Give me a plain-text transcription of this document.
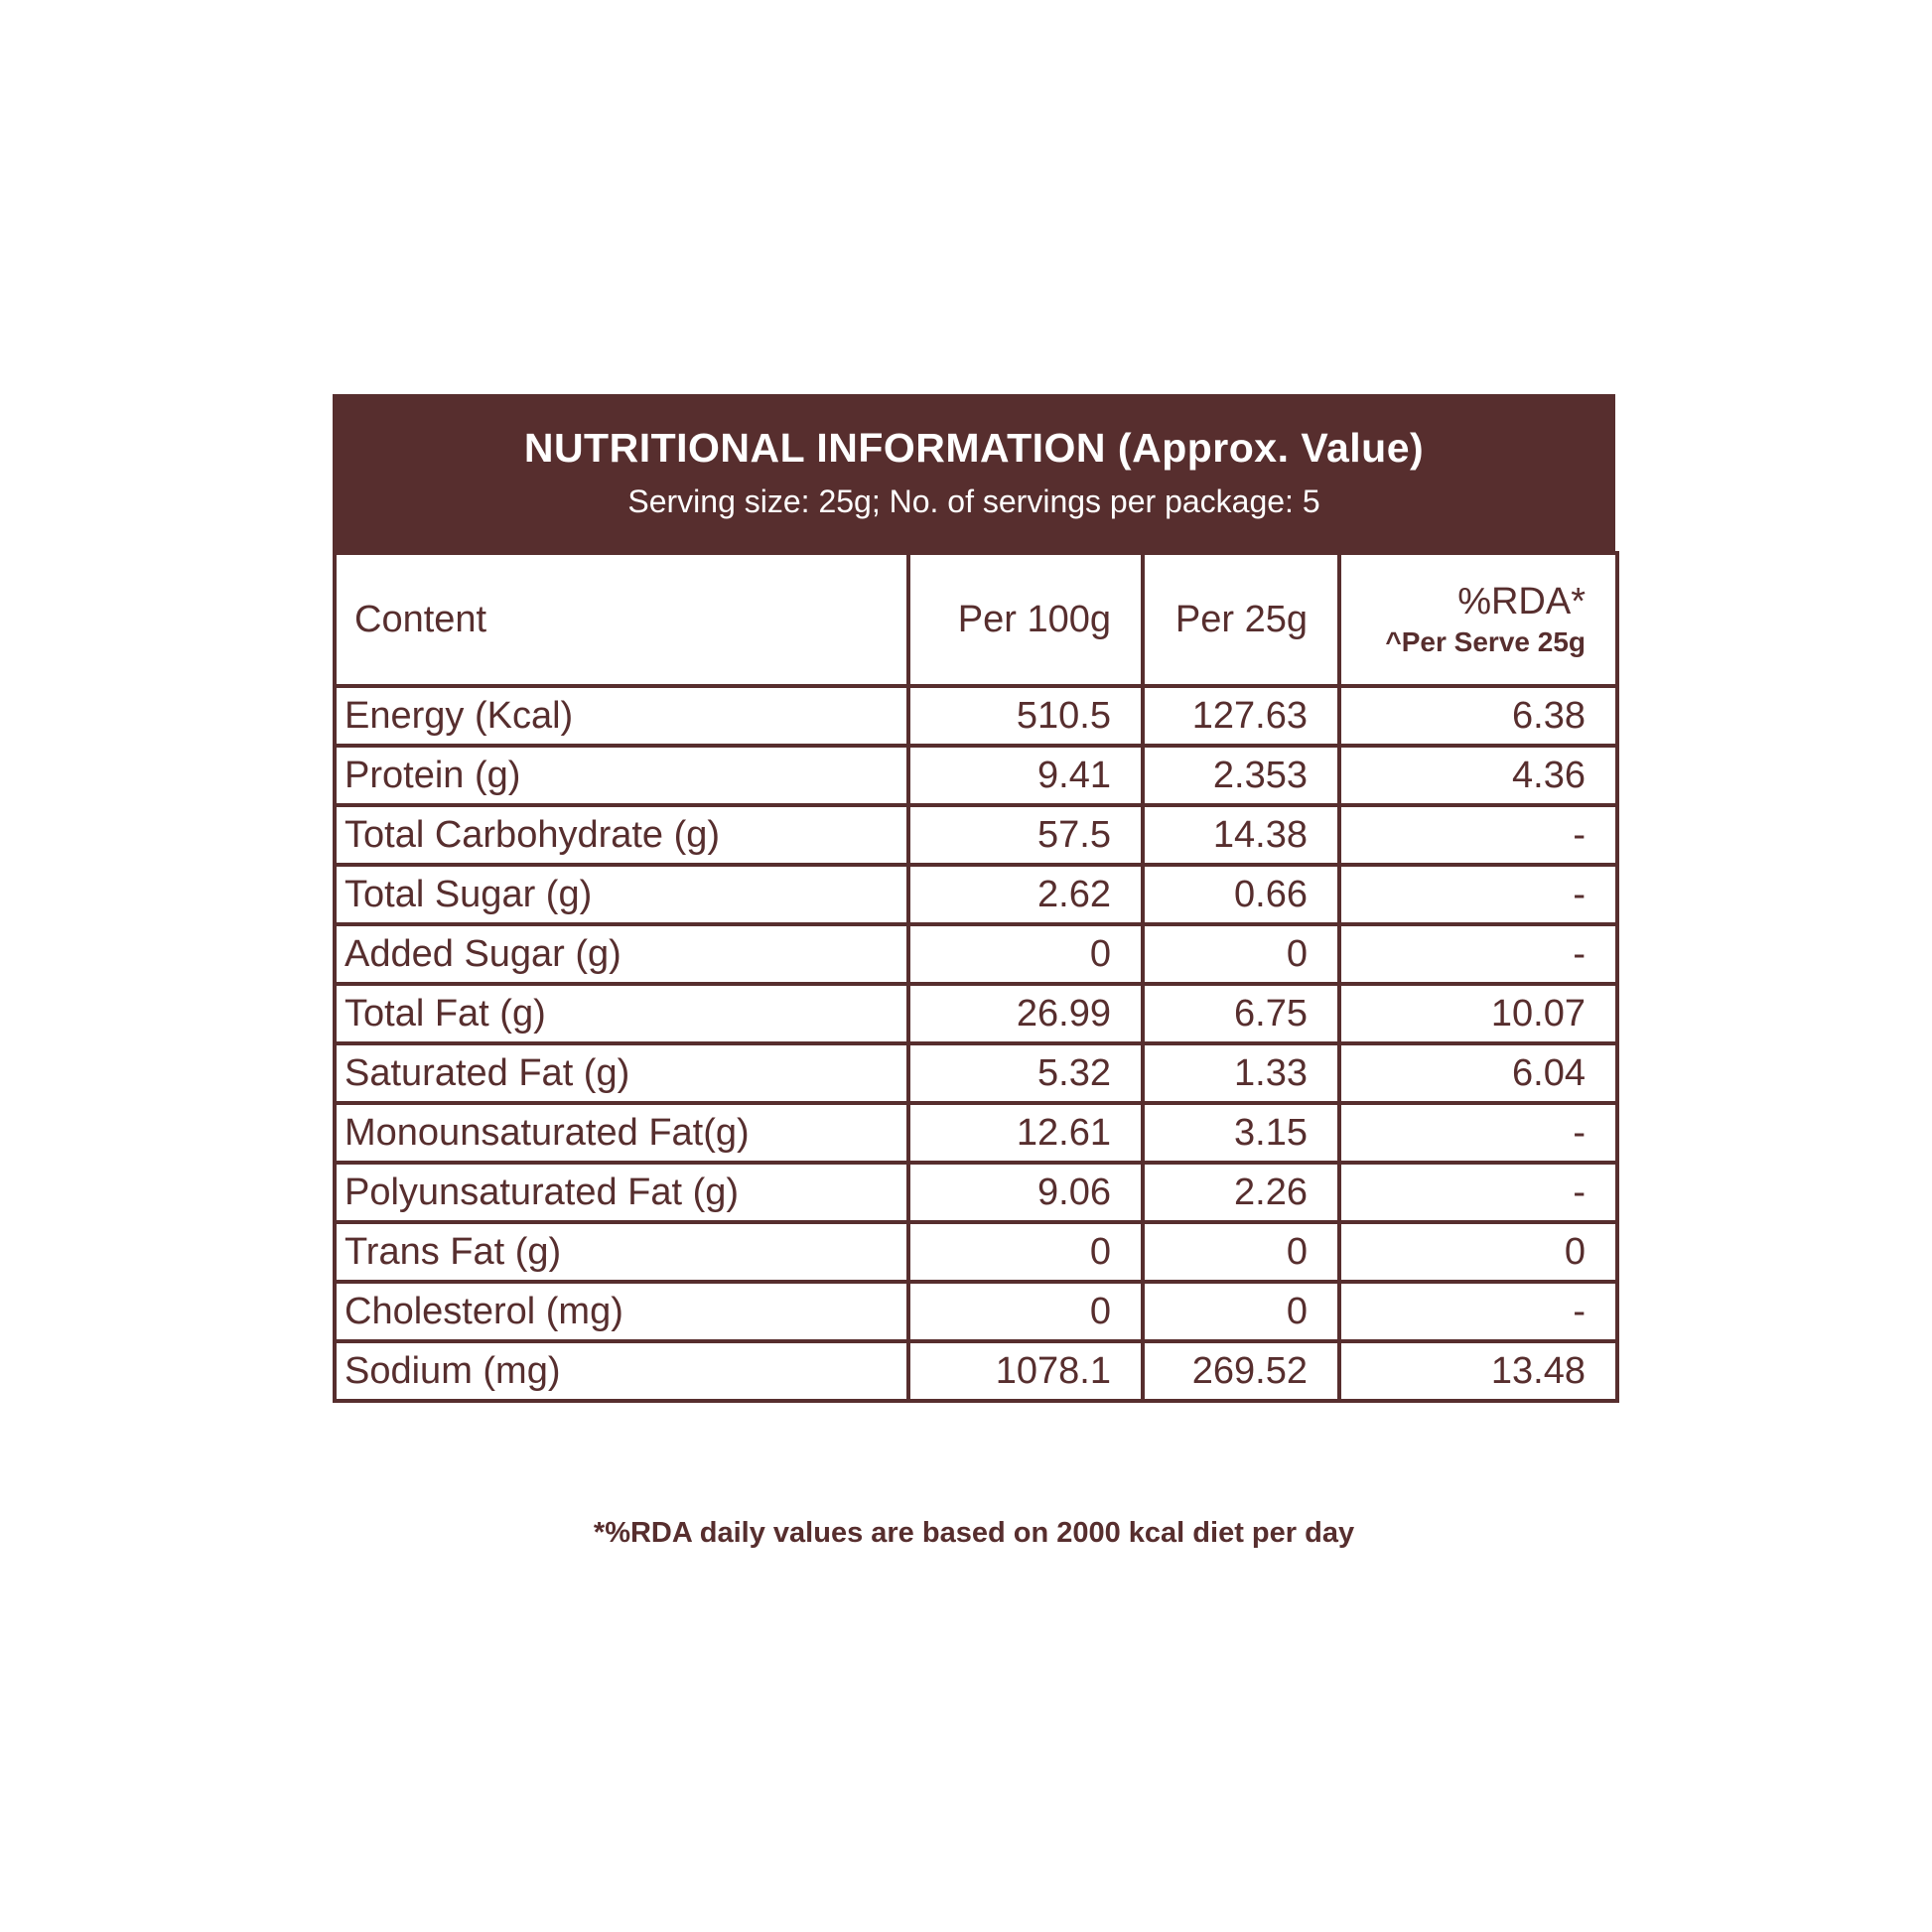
NUTRITIONAL INFORMATION (Approx. Value)
Serving size: 25g; No. of servings per package: 5
Content	Per 100g	Per 25g	%RDA*
^Per Serve 25g

Energy (Kcal)	510.5	127.63	6.38
Protein (g)	9.41	2.353	4.36
Total Carbohydrate (g)	57.5	14.38	-
Total Sugar (g)	2.62	0.66	-
Added Sugar (g)	0	0	-
Total Fat (g)	26.99	6.75	10.07
Saturated Fat (g)	5.32	1.33	6.04
Monounsaturated Fat(g)	12.61	3.15	-
Polyunsaturated Fat (g)	9.06	2.26	-
Trans Fat (g)	0	0	0
Cholesterol (mg)	0	0	-
Sodium (mg)	1078.1	269.52	13.48
*%RDA daily values are based on 2000 kcal diet per day
